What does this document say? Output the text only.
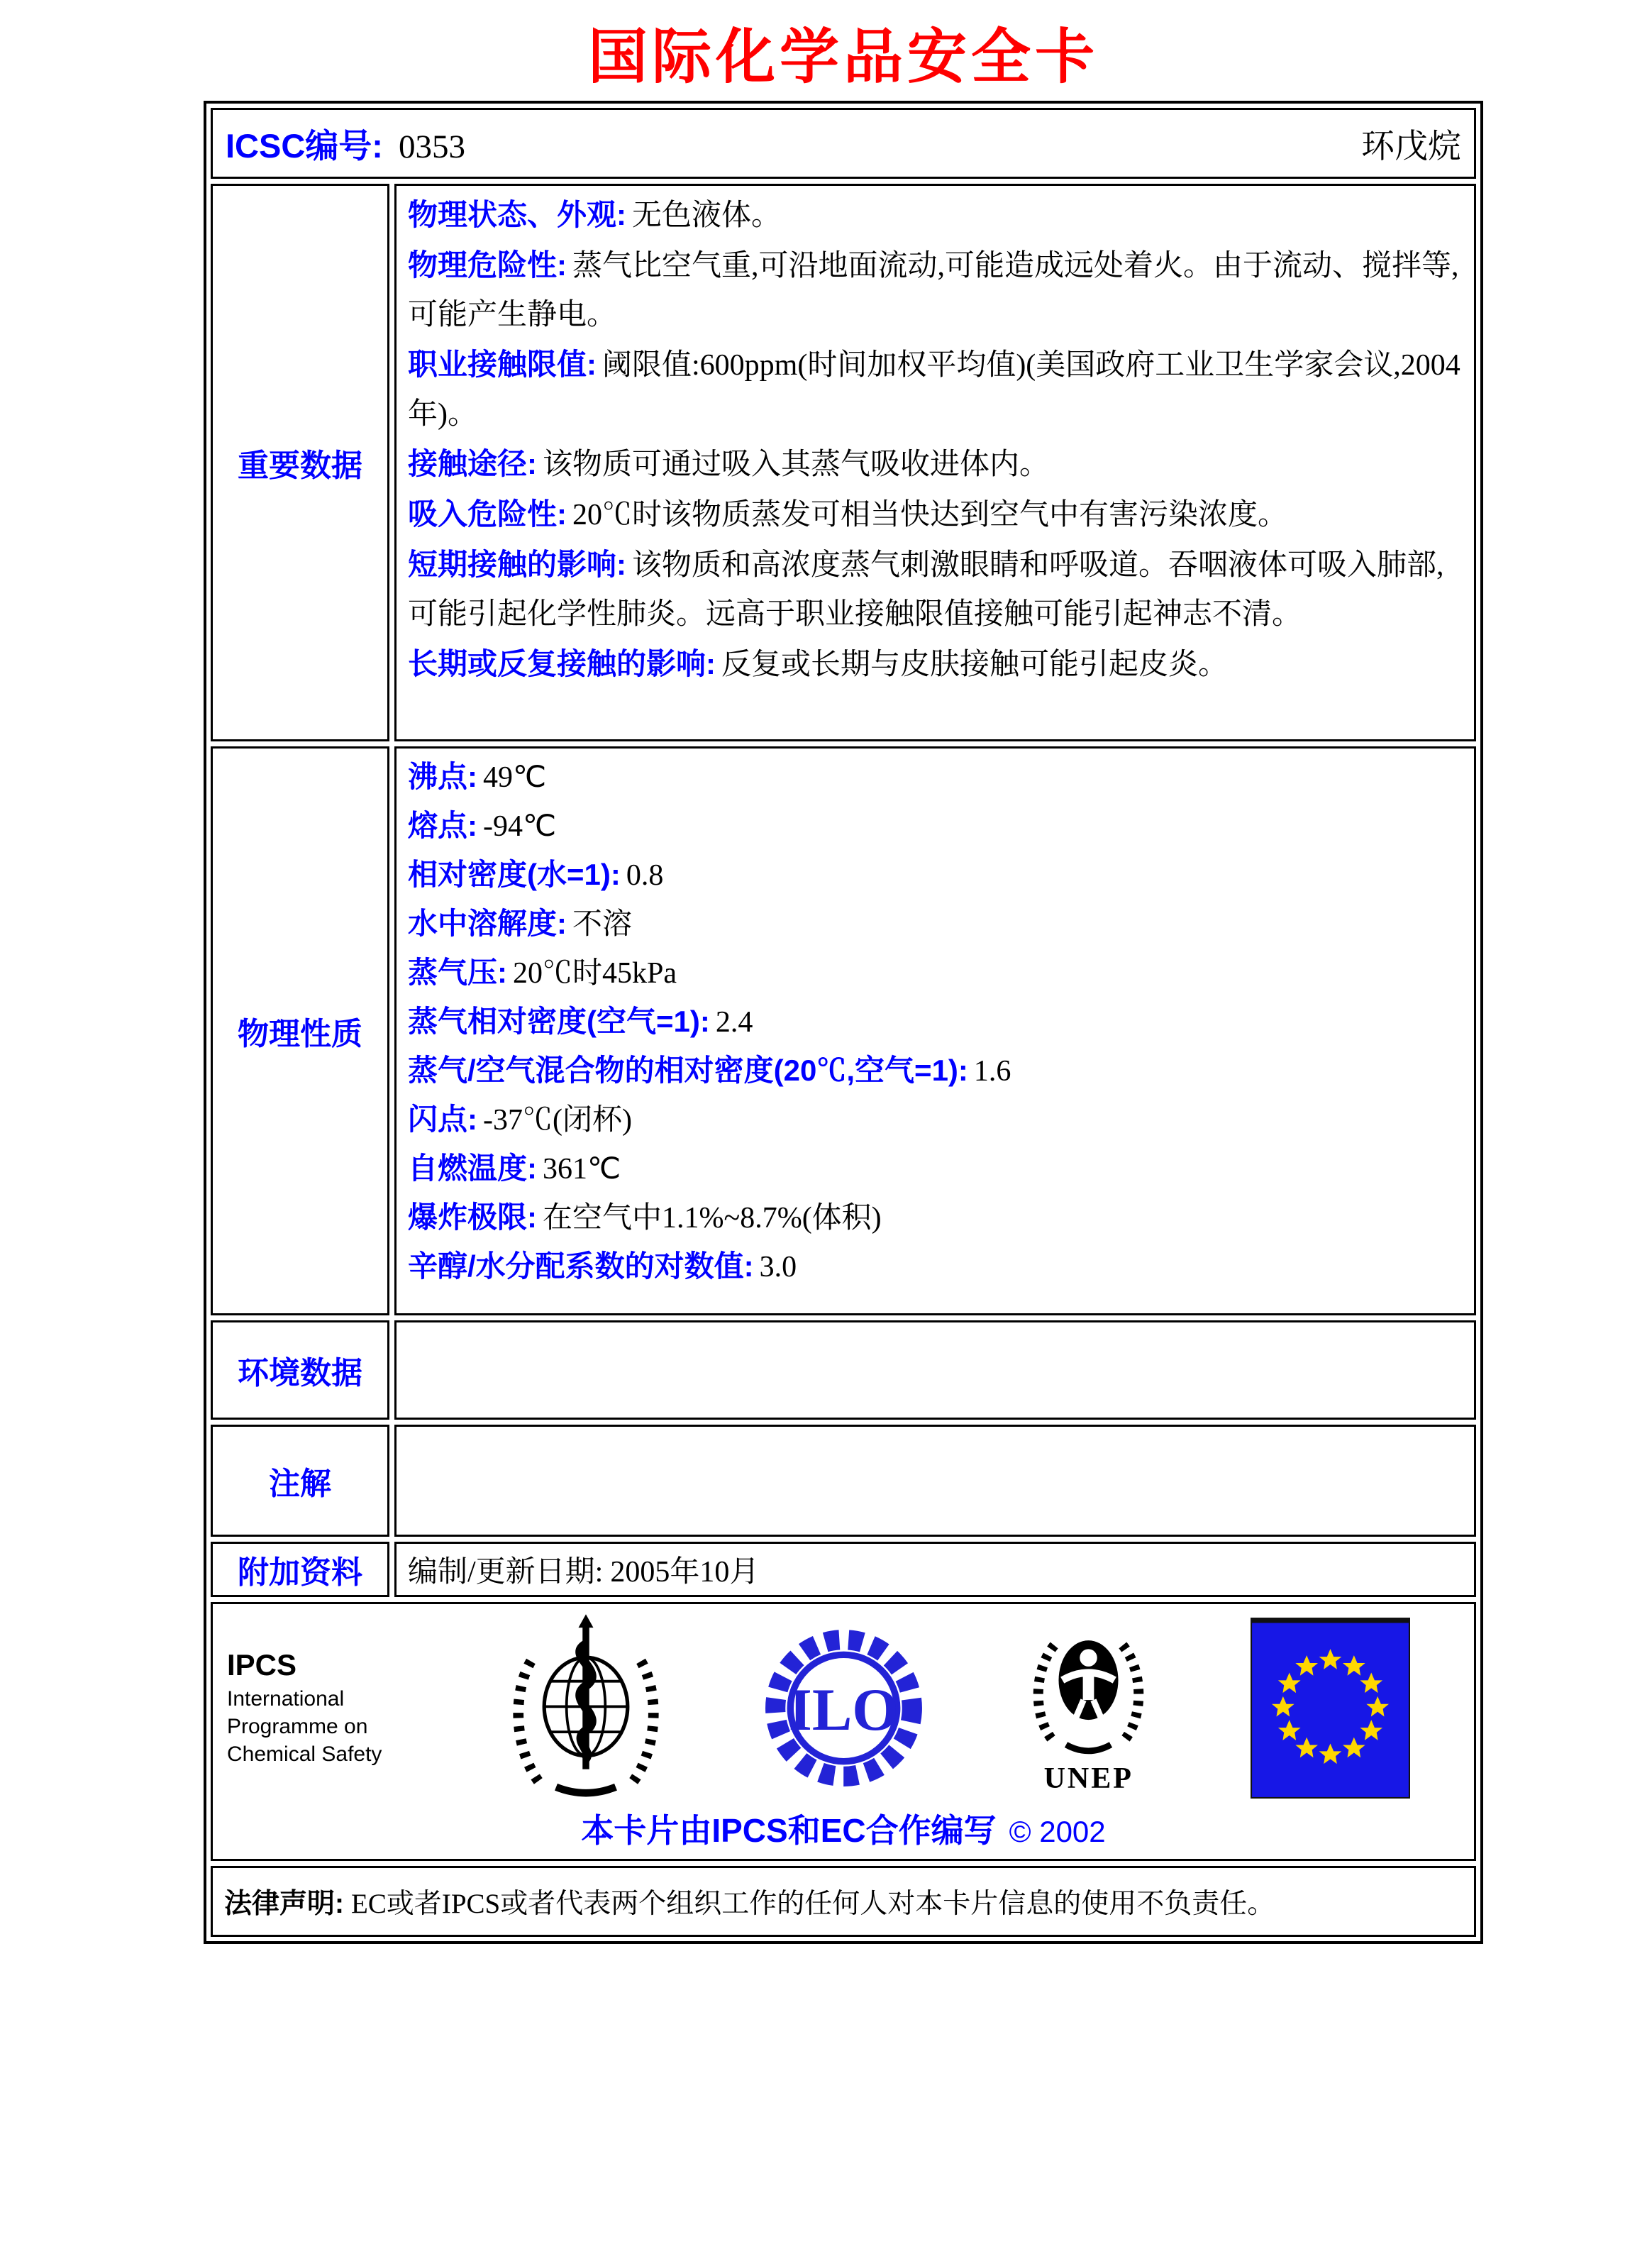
国际化学品安全卡
ICSC编号: 0353	环戊烷
重要数据

物理状态、外观: 无色液体。

物理危险性: 蒸气比空气重,可沿地面流动,可能造成远处着火。由于流动、搅拌等,可能产生静电。

职业接触限值: 阈限值:600ppm(时间加权平均值)(美国政府工业卫生学家会议,2004年)。

接触途径: 该物质可通过吸入其蒸气吸收进体内。

吸入危险性: 20℃时该物质蒸发可相当快达到空气中有害污染浓度。

短期接触的影响: 该物质和高浓度蒸气刺激眼睛和呼吸道。吞咽液体可吸入肺部,可能引起化学性肺炎。远高于职业接触限值接触可能引起神志不清。

长期或反复接触的影响: 反复或长期与皮肤接触可能引起皮炎。

物理性质
沸点: 49℃
熔点: -94℃
相对密度(水=1): 0.8
水中溶解度: 不溶
蒸气压: 20℃时45kPa
蒸气相对密度(空气=1): 2.4
蒸气/空气混合物的相对密度(20℃,空气=1): 1.6
闪点: -37℃(闭杯)
自燃温度: 361℃
爆炸极限: 在空气中1.1%~8.7%(体积)
辛醇/水分配系数的对数值: 3.0
环境数据
注解
附加资料 编制/更新日期: 2005年10月
IPCS
International
Programme on
Chemical Safety
ILO
UNEP
本卡片由IPCS和EC合作编写 © 2002
法律声明: EC或者IPCS或者代表两个组织工作的任何人对本卡片信息的使用不负责任。
